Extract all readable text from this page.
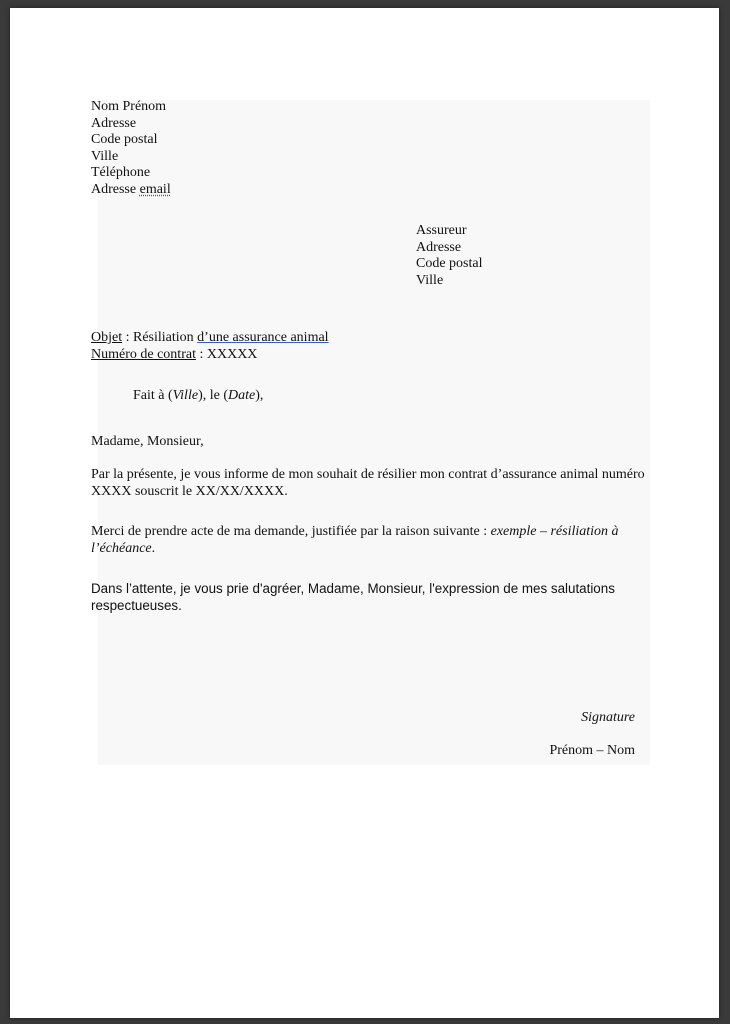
Nom Prénom
Adresse
Code postal
Ville
Téléphone
Adresse email
Assureur
Adresse
Code postal
Ville
Objet : Résiliation d’une assurance animal
Numéro de contrat : XXXXX
Fait à (Ville), le (Date),
Madame, Monsieur,
Par la présente, je vous informe de mon souhait de résilier mon contrat d’assurance animal numéro XXXX souscrit le XX/XX/XXXX.
Merci de prendre acte de ma demande, justifiée par la raison suivante : exemple – résiliation à l’échéance.
Dans l’attente, je vous prie d'agréer, Madame, Monsieur, l'expression de mes salutations respectueuses.
Signature
Prénom – Nom
